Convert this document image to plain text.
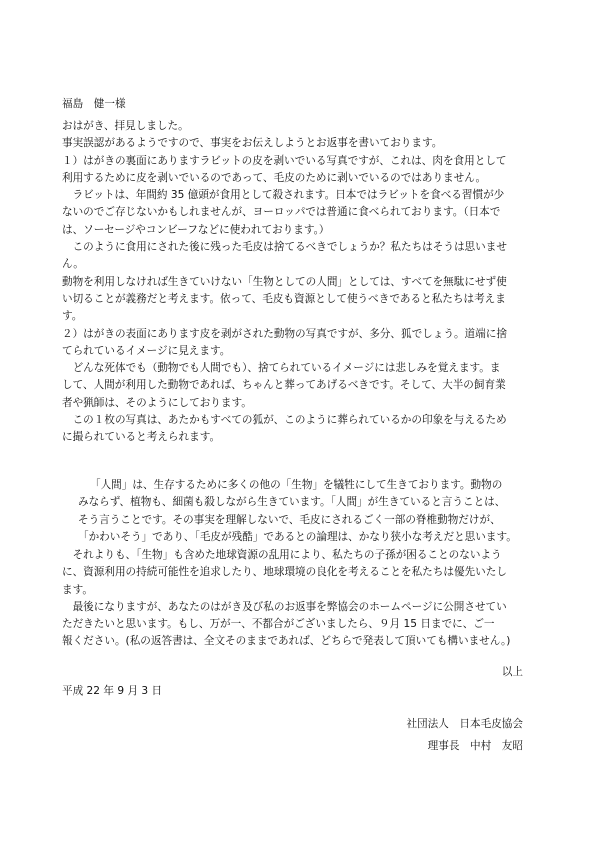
福島　健一様
おはがき、拝見しました。
事実誤認があるようですので、事実をお伝えしようとお返事を書いております。
１）はがきの裏面にありますラビットの皮を剥いでいる写真ですが、これは、肉を食用として
利用するために皮を剥いでいるのであって、毛皮のために剥いでいるのではありません。
　ラビットは、年間約 35 億頭が食用として殺されます。日本ではラビットを食べる習慣が少
ないのでご存じないかもしれませんが、ヨーロッパでは普通に食べられております。（日本で
は、ソーセージやコンビーフなどに使われております。）
　このように食用にされた後に残った毛皮は捨てるべきでしょうか？私たちはそうは思いませ
ん。
動物を利用しなければ生きていけない「生物としての人間」としては、すべてを無駄にせず使
い切ることが義務だと考えます。依って、毛皮も資源として使うべきであると私たちは考えま
す。
２）はがきの表面にあります皮を剥がされた動物の写真ですが、多分、狐でしょう。道端に捨
てられているイメージに見えます。
　どんな死体でも（動物でも人間でも）、捨てられているイメージには悲しみを覚えます。ま
して、人間が利用した動物であれば、ちゃんと葬ってあげるべきです。そして、大半の飼育業
者や猟師は、そのようにしております。
　この１枚の写真は、あたかもすべての狐が、このように葬られているかの印象を与えるため
に撮られていると考えられます。
「人間」は、生存するために多くの他の「生物」を犠牲にして生きております。動物の
みならず、植物も、細菌も殺しながら生きています。「人間」が生きていると言うことは、
そう言うことです。その事実を理解しないで、毛皮にされるごく一部の脊椎動物だけが、
「かわいそう」であり、「毛皮が残酷」であるとの論理は、かなり狭小な考えだと思います。
　それよりも、「生物」も含めた地球資源の乱用により、私たちの子孫が困ることのないよう
に、資源利用の持続可能性を追求したり、地球環境の良化を考えることを私たちは優先いたし
ます。
　最後になりますが、あなたのはがき及び私のお返事を弊協会のホームページに公開させてい
ただきたいと思います。もし、万が一、不都合がございましたら、９月 15 日までに、ご一
報ください。(私の返答書は、全文そのままであれば、どちらで発表して頂いても構いません。)
以上
平成 22 年 9 月 3 日
社団法人　日本毛皮協会
理事長　中村　友昭
